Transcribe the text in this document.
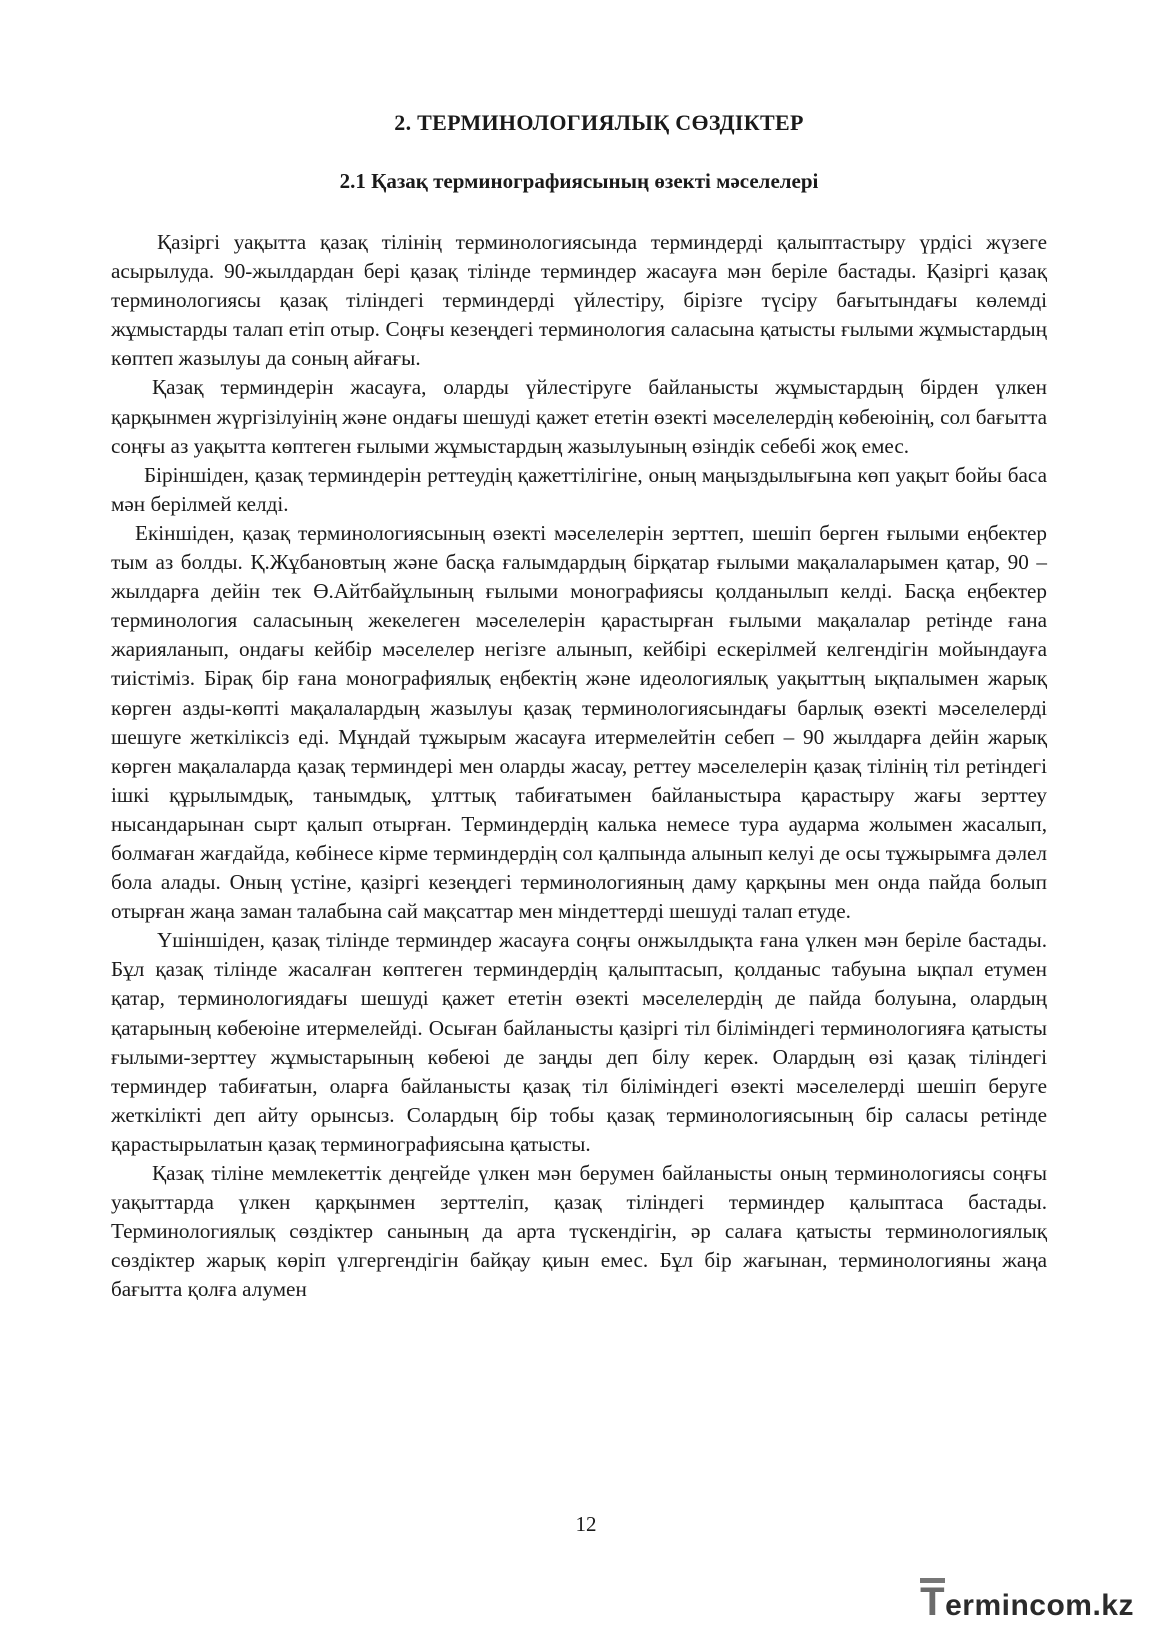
2. ТЕРМИНОЛОГИЯЛЫҚ СӨЗДІКТЕР
2.1 Қазақ терминографиясының өзекті мәселелері

Қазіргі уақытта қазақ тілінің терминологиясында терминдерді қалыптастыру үрдісі жүзеге асырылуда. 90-жылдардан бері қазақ тілінде терминдер жасауға мән беріле бастады. Қазіргі қазақ терминологиясы қазақ тіліндегі терминдерді үйлестіру, бірізге түсіру бағытындағы көлемді жұмыстарды талап етіп отыр. Соңғы кезеңдегі терминология саласына қатысты ғылыми жұмыстардың көптеп жазылуы да соның айғағы.

Қазақ терминдерін жасауға, оларды үйлестіруге байланысты жұмыстардың бірден үлкен қарқынмен жүргізілуінің және ондағы шешуді қажет ететін өзекті мәселелердің көбеюінің, сол бағытта соңғы аз уақытта көптеген ғылыми жұмыстардың жазылуының өзіндік себебі жоқ емес.

Біріншіден, қазақ терминдерін реттеудің қажеттілігіне, оның маңыздылығына көп уақыт бойы баса мән берілмей келді.

Екіншіден, қазақ терминологиясының өзекті мәселелерін зерттеп, шешіп берген ғылыми еңбектер тым аз болды. Қ.Жұбановтың және басқа ғалымдардың бірқатар ғылыми мақалаларымен қатар, 90 – жылдарға дейін тек Ө.Айтбайұлының ғылыми монографиясы қолданылып келді. Басқа еңбектер терминология саласының жекелеген мәселелерін қарастырған ғылыми мақалалар ретінде ғана жарияланып, ондағы кейбір мәселелер негізге алынып, кейбірі ескерілмей келгендігін мойындауға тиістіміз. Бірақ бір ғана монографиялық еңбектің және идеологиялық уақыттың ықпалымен жарық көрген азды-көпті мақалалардың жазылуы қазақ терминологиясындағы барлық өзекті мәселелерді шешуге жеткіліксіз еді. Мұндай тұжырым жасауға итермелейтін себеп – 90 жылдарға дейін жарық көрген мақалаларда қазақ терминдері мен оларды жасау, реттеу мәселелерін қазақ тілінің тіл ретіндегі ішкі құрылымдық, танымдық, ұлттық табиғатымен байланыстыра қарастыру жағы зерттеу нысандарынан сырт қалып отырған. Терминдердің калька немесе тура аударма жолымен жасалып, болмаған жағдайда, көбінесе кірме терминдердің сол қалпында алынып келуі де осы тұжырымға дәлел бола алады. Оның үстіне, қазіргі кезеңдегі терминологияның даму қарқыны мен онда пайда болып отырған жаңа заман талабына сай мақсаттар мен міндеттерді шешуді талап етуде.

Үшіншіден, қазақ тілінде терминдер жасауға соңғы онжылдықта ғана үлкен мән беріле бастады. Бұл қазақ тілінде жасалған көптеген терминдердің қалыптасып, қолданыс табуына ықпал етумен қатар, терминологиядағы шешуді қажет ететін өзекті мәселелердің де пайда болуына, олардың қатарының көбеюіне итермелейді. Осыған байланысты қазіргі тіл біліміндегі терминологияға қатысты ғылыми-зерттеу жұмыстарының көбеюі де заңды деп білу керек. Олардың өзі қазақ тіліндегі терминдер табиғатын, оларға байланысты қазақ тіл біліміндегі өзекті мәселелерді шешіп беруге жеткілікті деп айту орынсыз. Солардың бір тобы қазақ терминологиясының бір саласы ретінде қарастырылатын қазақ терминографиясына қатысты.

Қазақ тіліне мемлекеттік деңгейде үлкен мән берумен байланысты оның терминологиясы соңғы уақыттарда үлкен қарқынмен зерттеліп, қазақ тіліндегі терминдер қалыптаса бастады. Терминологиялық сөздіктер санының да арта түскендігін, әр салаға қатысты терминологиялық сөздіктер жарық көріп үлгергендігін байқау қиын емес. Бұл бір жағынан, терминологияны жаңа бағытта қолға алумен

12
Termincom.kz
